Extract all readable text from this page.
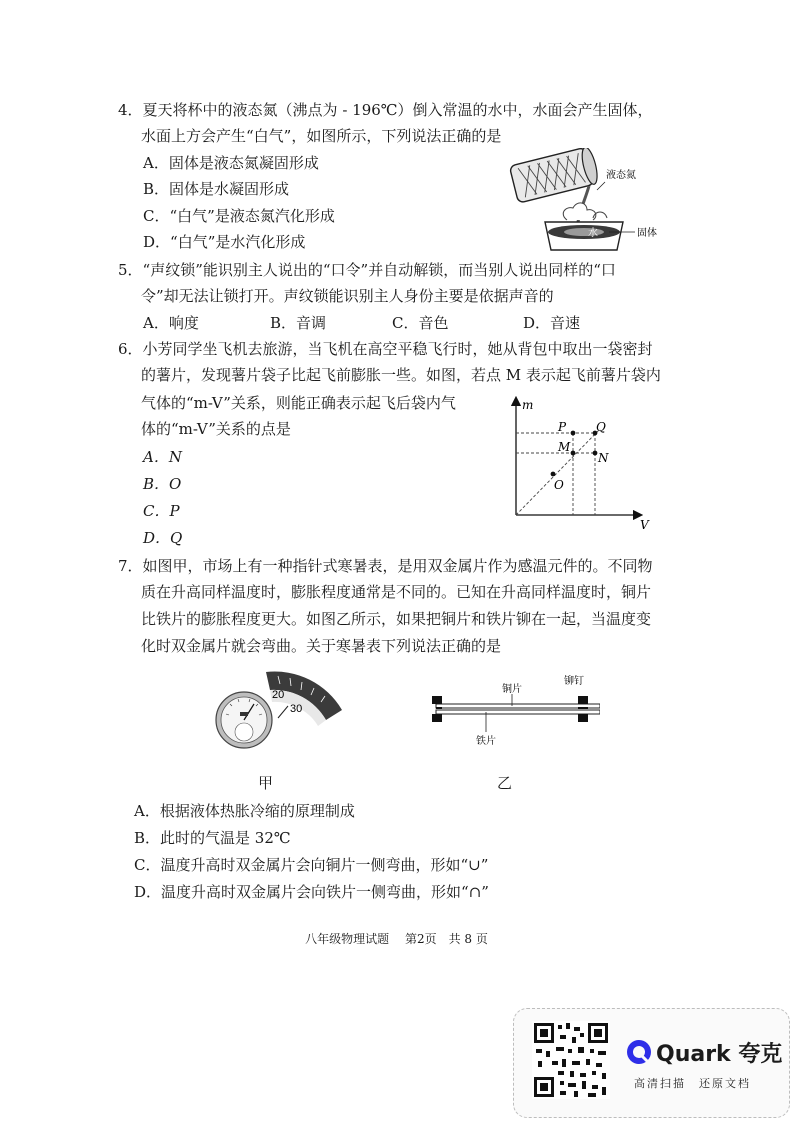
4．夏天将杯中的液态氮（沸点为 - 196℃）倒入常温的水中，水面会产生固体，
水面上方会产生“白气”，如图所示，下列说法正确的是
A．固体是液态氮凝固形成
B．固体是水凝固形成
C．“白气”是液态氮汽化形成
D．“白气”是水汽化形成	水
液态氮
固体
5．“声纹锁”能识别主人说出的“口令”并自动解锁，而当别人说出同样的“口
令”却无法让锁打开。声纹锁能识别主人身份主要是依据声音的
A．响度	B．音调	C．音色	D．音速
6．小芳同学坐飞机去旅游，当飞机在高空平稳飞行时，她从背包中取出一袋密封
的薯片，发现薯片袋子比起飞前膨胀一些。如图，若点 M 表示起飞前薯片袋内
气体的“m-V”关系，则能正确表示起飞后袋内气
体的“m-V”关系的点是
A．N
B．O
C．P
D．Q
m
V
P Q
M
N
O
7．如图甲，市场上有一种指针式寒暑表，是用双金属片作为感温元件的。不同物
质在升高同样温度时，膨胀程度通常是不同的。已知在升高同样温度时，铜片
比铁片的膨胀程度更大。如图乙所示，如果把铜片和铁片铆在一起，当温度变
化时双金属片就会弯曲。关于寒暑表下列说法正确的是
20
30
甲
铜片
铁片
铆钉
乙
A．根据液体热胀冷缩的原理制成
B．此时的气温是 32℃
C．温度升高时双金属片会向铜片一侧弯曲，形如“∪”
D．温度升高时双金属片会向铁片一侧弯曲，形如“∩”
八年级物理试题　 第2页　共 8 页
Quark 夸克
高清扫描　还原文档
